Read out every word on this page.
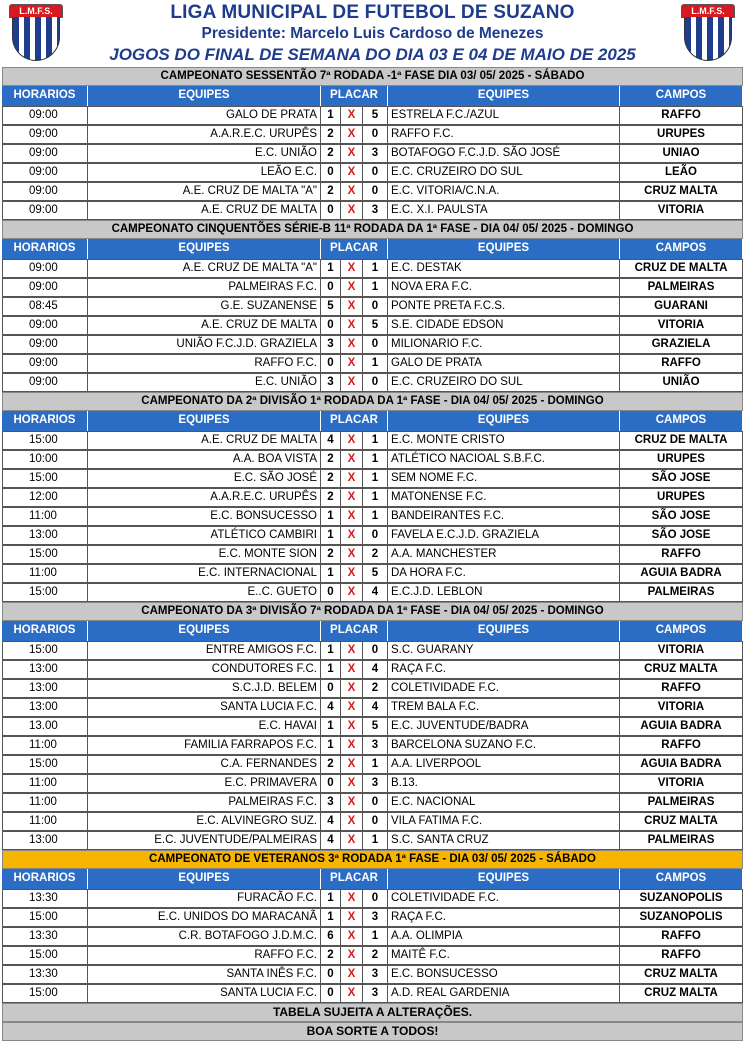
L.M.F.S.	LIGA MUNICIPAL DE FUTEBOL DE SUZANO
Presidente: Marcelo Luis Cardoso de Menezes
JOGOS DO FINAL DE SEMANA DO DIA 03 E 04 DE MAIO DE 2025
L.M.F.S.
CAMPEONATO SESSENTÃO 7ª RODADA -1ª FASE DIA 03/ 05/ 2025 - SÁBADO
HORARIOS	EQUIPES	PLACAR	EQUIPES	CAMPOS
09:00	GALO DE PRATA 1	X	5	ESTRELA F.C./AZUL	RAFFO
09:00	A.A.R.E.C. URUPÊS 2	X	0	RAFFO F.C.	URUPES
09:00	E.C. UNIÃO 2	X	3	BOTAFOGO F.C.J.D. SÃO JOSÉ	UNIAO
09:00	LEÃO E.C. 0	X	0	E.C. CRUZEIRO DO SUL	LEÃO
09:00	A.E. CRUZ DE MALTA "A" 2	X	0	E.C. VITORIA/C.N.A.	CRUZ MALTA
09:00	A.E. CRUZ DE MALTA 0	X	3	E.C. X.I. PAULSTA	VITORIA
CAMPEONATO CINQUENTÕES SÉRIE-B 11ª RODADA DA 1ª FASE - DIA 04/ 05/ 2025 - DOMINGO
HORARIOS	EQUIPES	PLACAR	EQUIPES	CAMPOS
09:00	A.E. CRUZ DE MALTA "A" 1	X	1	E.C. DESTAK	CRUZ DE MALTA
09:00	PALMEIRAS F.C. 0	X	1	NOVA ERA F.C.	PALMEIRAS
08:45	G.E. SUZANENSE 5	X	0	PONTE PRETA F.C.S.	GUARANI
09:00	A.E. CRUZ DE MALTA 0	X	5	S.E. CIDADE EDSON	VITORIA
09:00	UNIÃO F.C.J.D. GRAZIELA 3	X	0	MILIONARIO F.C.	GRAZIELA
09:00	RAFFO F.C. 0	X	1	GALO DE PRATA	RAFFO
09:00	E.C. UNIÃO 3	X	0	E.C. CRUZEIRO DO SUL	UNIÃO
CAMPEONATO DA 2ª DIVISÃO 1ª RODADA DA 1ª FASE - DIA 04/ 05/ 2025 - DOMINGO
HORARIOS	EQUIPES	PLACAR	EQUIPES	CAMPOS
15:00	A.E. CRUZ DE MALTA 4	X	1	E.C. MONTE CRISTO	CRUZ DE MALTA
10:00	A.A. BOA VISTA 2	X	1	ATLÉTICO NACIOAL S.B.F.C.	URUPES
15:00	E.C. SÃO JOSÉ 2	X	1	SEM NOME F.C.	SÃO JOSE
12:00	A.A.R.E.C. URUPÊS 2	X	1	MATONENSE F.C.	URUPES
11:00	E.C. BONSUCESSO 1	X	1	BANDEIRANTES F.C.	SÃO JOSE
13:00	ATLÉTICO CAMBIRI 1	X	0	FAVELA E.C.J.D. GRAZIELA	SÃO JOSE
15:00	E.C. MONTE SION 2	X	2	A.A. MANCHESTER	RAFFO
11:00	E.C. INTERNACIONAL 1	X	5	DA HORA F.C.	AGUIA BADRA
15:00	E..C. GUETO 0	X	4	E.C.J.D. LEBLON	PALMEIRAS
CAMPEONATO DA 3ª DIVISÃO 7ª RODADA DA 1ª FASE - DIA 04/ 05/ 2025 - DOMINGO
HORARIOS	EQUIPES	PLACAR	EQUIPES	CAMPOS
15:00	ENTRE AMIGOS F.C. 1	X	0	S.C. GUARANY	VITORIA
13:00	CONDUTORES F.C. 1	X	4	RAÇA F.C.	CRUZ MALTA
13:00	S.C.J.D. BELEM 0	X	2	COLETIVIDADE F.C.	RAFFO
13:00	SANTA LUCIA F.C. 4	X	4	TREM BALA F.C.	VITORIA
13.00	E.C. HAVAI 1	X	5	E.C. JUVENTUDE/BADRA	AGUIA BADRA
11:00	FAMILIA FARRAPOS F.C. 1	X	3	BARCELONA SUZANO F.C.	RAFFO
15:00	C.A. FERNANDES 2	X	1	A.A. LIVERPOOL	AGUIA BADRA
11:00	E.C. PRIMAVERA 0	X	3	B.13.	VITORIA
11:00	PALMEIRAS F.C. 3	X	0	E.C. NACIONAL	PALMEIRAS
11:00	E.C. ALVINEGRO SUZ. 4	X	0	VILA FATIMA F.C.	CRUZ MALTA
13:00	E.C. JUVENTUDE/PALMEIRAS 4	X	1	S.C. SANTA CRUZ	PALMEIRAS
CAMPEONATO DE VETERANOS 3ª RODADA 1ª FASE - DIA 03/ 05/ 2025 - SÁBADO
HORARIOS	EQUIPES	PLACAR	EQUIPES	CAMPOS
13:30	FURACÃO F.C. 1	X	0	COLETIVIDADE F.C.	SUZANOPOLIS
15:00	E.C. UNIDOS DO MARACANÃ 1	X	3	RAÇA F.C.	SUZANOPOLIS
13:30	C.R. BOTAFOGO J.D.M.C. 6	X	1	A.A. OLIMPIA	RAFFO
15:00	RAFFO F.C. 2	X	2	MAITÊ F.C.	RAFFO
13:30	SANTA INÊS F.C. 0	X	3	E.C. BONSUCESSO	CRUZ MALTA
15:00	SANTA LUCIA F.C. 0	X	3	A.D. REAL GARDENIA	CRUZ MALTA
TABELA SUJEITA A ALTERAÇÕES.
BOA SORTE A TODOS!
